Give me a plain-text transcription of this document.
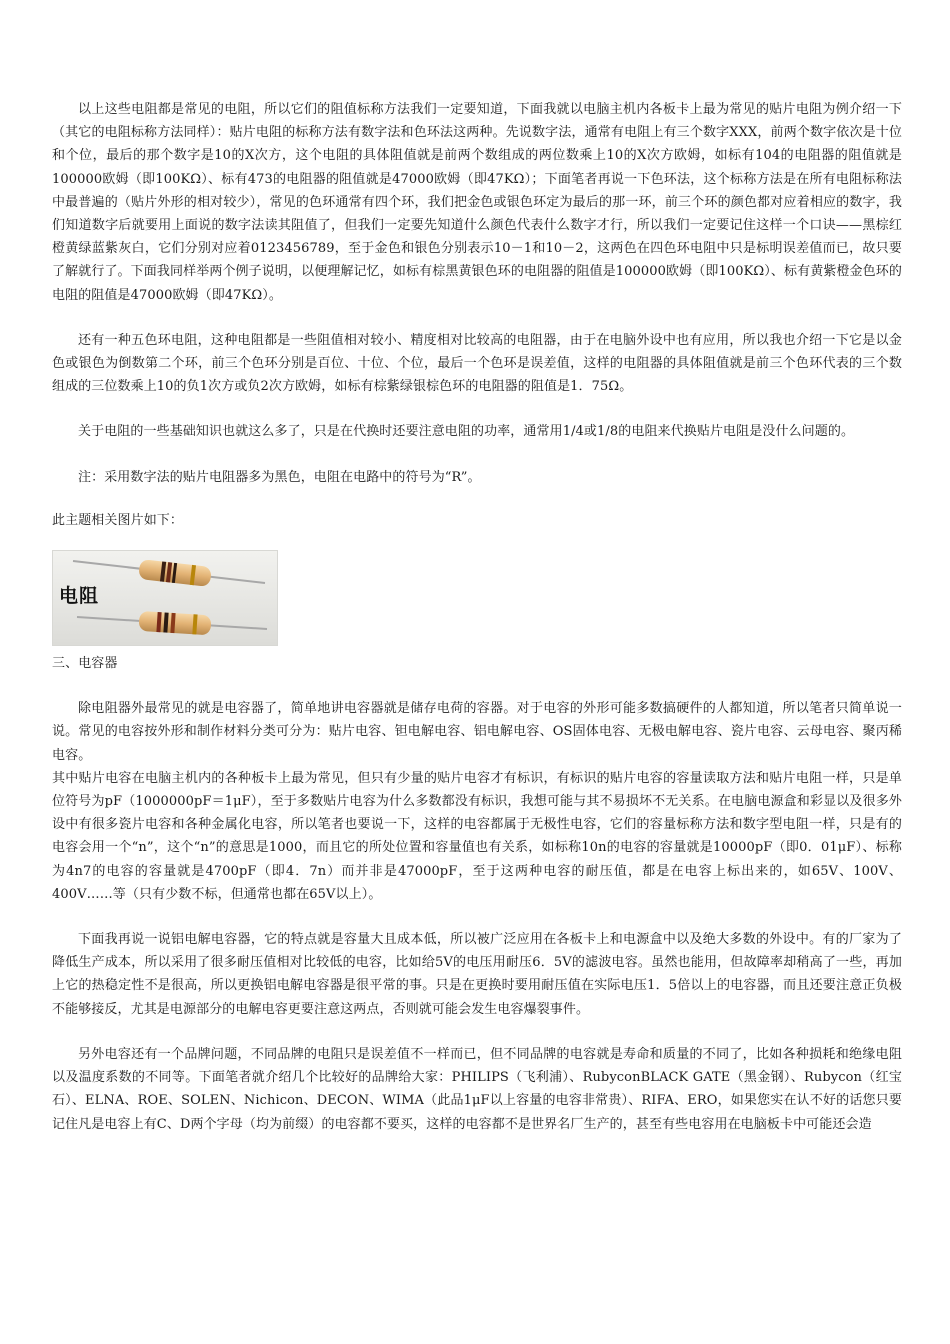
以上这些电阻都是常见的电阻，所以它们的阻值标称方法我们一定要知道，下面我就以电脑主机内各板卡上最为常见的贴片电阻为例介绍一下（其它的电阻标称方法同样）：贴片电阻的标称方法有数字法和色环法这两种。先说数字法，通常有电阻上有三个数字XXX，前两个数字依次是十位和个位，最后的那个数字是10的X次方，这个电阻的具体阻值就是前两个数组成的两位数乘上10的X次方欧姆，如标有104的电阻器的阻值就是100000欧姆（即100KΩ）、标有473的电阻器的阻值就是47000欧姆（即47KΩ）；下面笔者再说一下色环法，这个标称方法是在所有电阻标称法中最普遍的（贴片外形的相对较少），常见的色环通常有四个环，我们把金色或银色环定为最后的那一环，前三个环的颜色都对应着相应的数字，我们知道数字后就要用上面说的数字法读其阻值了，但我们一定要先知道什么颜色代表什么数字才行，所以我们一定要记住这样一个口诀——黑棕红橙黄绿蓝紫灰白，它们分别对应着0123456789，至于金色和银色分别表示10－1和10－2，这两色在四色环电阻中只是标明误差值而已，故只要了解就行了。下面我同样举两个例子说明，以便理解记忆，如标有棕黑黄银色环的电阻器的阻值是100000欧姆（即100KΩ）、标有黄紫橙金色环的电阻的阻值是47000欧姆（即47KΩ）。

还有一种五色环电阻，这种电阻都是一些阻值相对较小、精度相对比较高的电阻器，由于在电脑外设中也有应用，所以我也介绍一下它是以金色或银色为倒数第二个环，前三个色环分别是百位、十位、个位，最后一个色环是误差值，这样的电阻器的具体阻值就是前三个色环代表的三个数组成的三位数乘上10的负1次方或负2次方欧姆，如标有棕紫绿银棕色环的电阻器的阻值是1．75Ω。

关于电阻的一些基础知识也就这么多了，只是在代换时还要注意电阻的功率，通常用1/4或1/8的电阻来代换贴片电阻是没什么问题的。

注：采用数字法的贴片电阻器多为黑色，电阻在电路中的符号为“R”。

此主题相关图片如下：

电阻

三、电容器

除电阻器外最常见的就是电容器了，简单地讲电容器就是储存电荷的容器。对于电容的外形可能多数搞硬件的人都知道，所以笔者只简单说一说。常见的电容按外形和制作材料分类可分为：贴片电容、钽电解电容、铝电解电容、OS固体电容、无极电解电容、瓷片电容、云母电容、聚丙稀电容。

其中贴片电容在电脑主机内的各种板卡上最为常见，但只有少量的贴片电容才有标识，有标识的贴片电容的容量读取方法和贴片电阻一样，只是单位符号为pF（1000000pF＝1μF），至于多数贴片电容为什么多数都没有标识，我想可能与其不易损坏不无关系。在电脑电源盒和彩显以及很多外设中有很多瓷片电容和各种金属化电容，所以笔者也要说一下，这样的电容都属于无极性电容，它们的容量标称方法和数字型电阻一样，只是有的电容会用一个“n”，这个“n”的意思是1000，而且它的所处位置和容量值也有关系，如标称10n的电容的容量就是10000pF（即0．01μF）、标称为4n7的电容的容量就是4700pF（即4．7n）而并非是47000pF，至于这两种电容的耐压值，都是在电容上标出来的，如65V、100V、400V……等（只有少数不标，但通常也都在65V以上）。

下面我再说一说铝电解电容器，它的特点就是容量大且成本低，所以被广泛应用在各板卡上和电源盒中以及绝大多数的外设中。有的厂家为了降低生产成本，所以采用了很多耐压值相对比较低的电容，比如给5V的电压用耐压6．5V的滤波电容。虽然也能用，但故障率却稍高了一些，再加上它的热稳定性不是很高，所以更换铝电解电容器是很平常的事。只是在更换时要用耐压值在实际电压1．5倍以上的电容器，而且还要注意正负极不能够接反，尤其是电源部分的电解电容更要注意这两点，否则就可能会发生电容爆裂事件。

另外电容还有一个品牌问题，不同品牌的电阻只是误差值不一样而已，但不同品牌的电容就是寿命和质量的不同了，比如各种损耗和绝缘电阻以及温度系数的不同等。下面笔者就介绍几个比较好的品牌给大家：PHILIPS（飞利浦）、RubyconBLACK GATE（黑金钢）、Rubycon（红宝石）、ELNA、ROE、SOLEN、Nichicon、DECON、WIMA（此品1μF以上容量的电容非常贵）、RIFA、ERO，如果您实在认不好的话您只要记住凡是电容上有C、D两个字母（均为前缀）的电容都不要买，这样的电容都不是世界名厂生产的，甚至有些电容用在电脑板卡中可能还会造
